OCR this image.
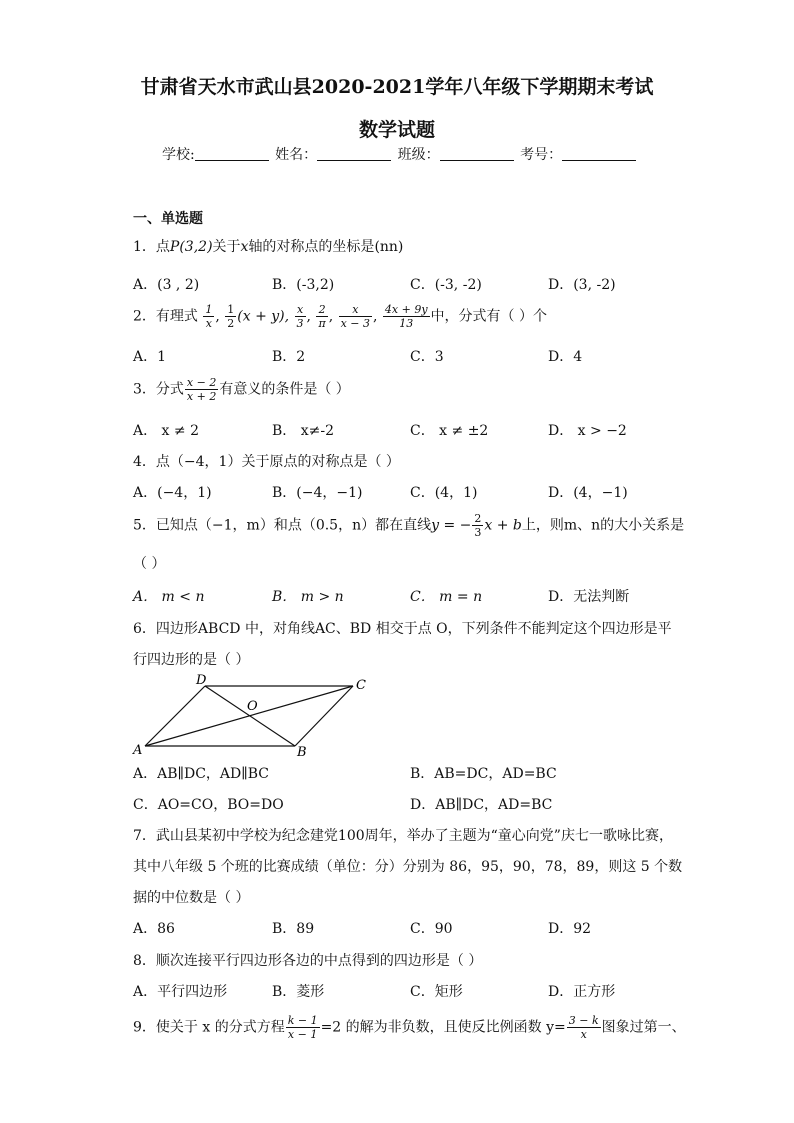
甘肃省天水市武山县2020-2021学年八年级下学期期末考试
数学试题
学校:	姓名：	班级：	考号：
一、单选题
1．点P(3,2)关于x轴的对称点的坐标是(nn)
A．(3 , 2)	B．(-3,2)	C．(-3, -2)	D．(3, -2)
2．有理式 $\frac{1}{x}$ , $\frac{1}{2} (x + y)$, $\frac{x}{3}$ , $\frac{2}{\pi}$ , $\frac{x}{x - 3}$ , $\frac{4x + 9y}{13}$ 中，分式有（ ）个
A．1	B．2	C．3	D．4
3．分式 $\frac{x - 2}{x + 2}$ 有意义的条件是（ ）
A． x ≠ 2	B． x≠-2	C． x ≠ ±2	D． x > −2
4．点（−4，1）关于原点的对称点是（ ）
A．(−4，1)	B．(−4，−1)	C．(4，1)	D．(4，−1)
5．已知点（−1，m）和点（0.5，n）都在直线y = − $\frac{2}{3}$ x + b上，则m、n的大小关系是
（ ）
A． m < n	B． m > n	C． m = n	D．无法判断
6．四边形ABCD 中，对角线AC、BD 相交于点 O，下列条件不能判定这个四边形是平
行四边形的是（ ）
A	B
C
D
O
A．AB∥DC，AD∥BC	B．AB=DC，AD=BC
C．AO=CO，BO=DO	D．AB∥DC，AD=BC
7．武山县某初中学校为纪念建党100周年，举办了主题为“童心向党”庆七一歌咏比赛，
其中八年级 5 个班的比赛成绩（单位：分）分别为 86，95，90，78，89，则这 5 个数
据的中位数是（ ）
A．86	B．89	C．90	D．92
8．顺次连接平行四边形各边的中点得到的四边形是（ ）
A．平行四边形	B．菱形	C．矩形	D．正方形
9．使关于 x 的分式方程 $\frac{k - 1}{x - 1} =2$ 的解为非负数，且使反比例函数 $y= \frac{3 - k}{x}$ 图象过第一、
